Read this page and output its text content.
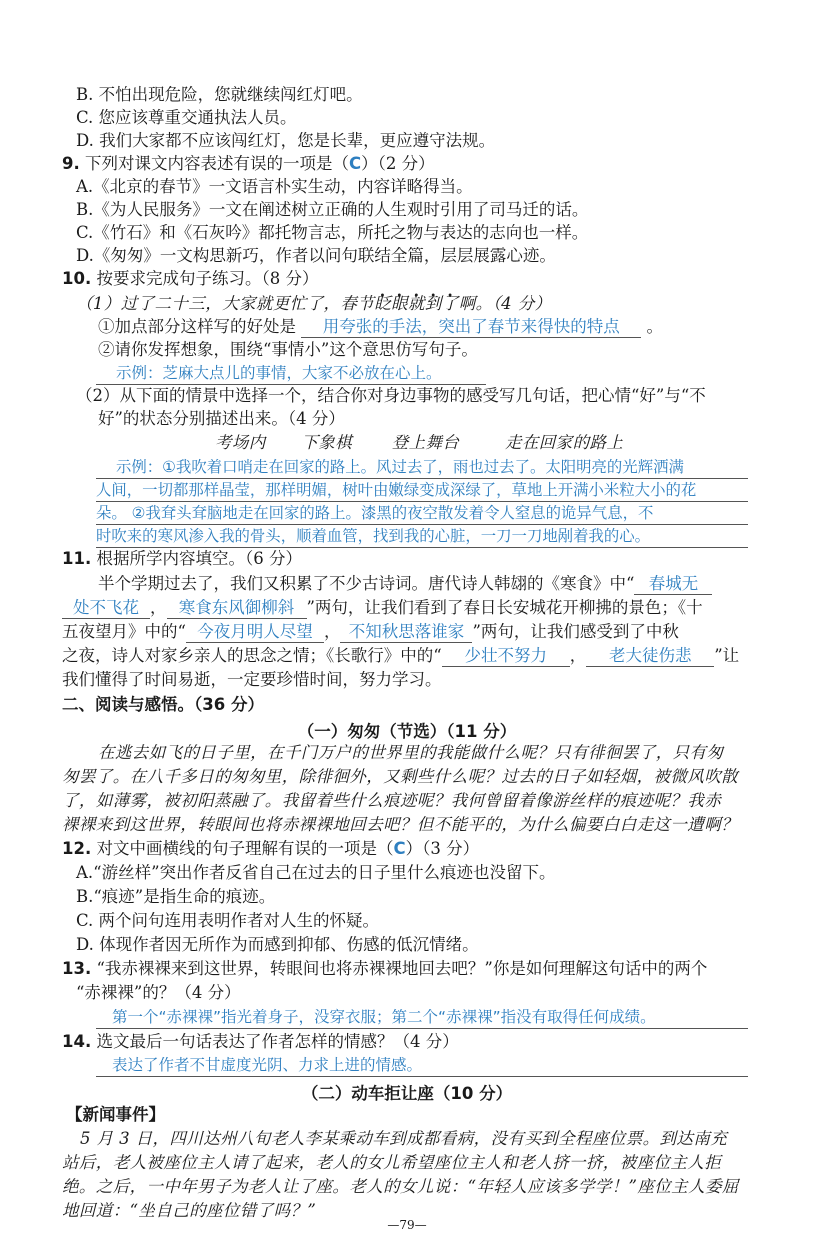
B. 不怕出现危险，您就继续闯红灯吧。
C. 您应该尊重交通执法人员。
D. 我们大家都不应该闯红灯，您是长辈，更应遵守法规。
9. 下列对课文内容表述有误的一项是（C）（2 分）
A.《北京的春节》一文语言朴实生动，内容详略得当。
B.《为人民服务》一文在阐述树立正确的人生观时引用了司马迁的话。
C.《竹石》和《石灰吟》都托物言志，所托之物与表达的志向也一样。
D.《匆匆》一文构思新巧，作者以问句联结全篇，层层展露心迹。
10. 按要求完成句子练习。（8 分）
（1）过了二十三，大家就更忙了，春节眨眼就到了啊。（4 分）
①加点部分这样写的好处是 用夸张的手法，突出了春节来得快的特点 。
②请你发挥想象，围绕“事情小”这个意思仿写句子。
示例：芝麻大点儿的事情，大家不必放在心上。
（2）从下面的情景中选择一个，结合你对身边事物的感受写几句话，把心情“好”与“不
好”的状态分别描述出来。（4 分）
考场内 下象棋 登上舞台	走在回家的路上
示例：①我吹着口哨走在回家的路上。风过去了，雨也过去了。太阳明亮的光辉洒满
人间，一切都那样晶莹，那样明媚，树叶由嫩绿变成深绿了，草地上开满小米粒大小的花
朵。 ②我耷头耷脑地走在回家的路上。漆黑的夜空散发着令人窒息的诡异气息，不
时吹来的寒风渗入我的骨头，顺着血管，找到我的心脏，一刀一刀地剐着我的心。
11. 根据所学内容填空。（6 分）
半个学期过去了，我们又积累了不少古诗词。唐代诗人韩翃的《寒食》中“ 春城无
处不飞花 ， 寒食东风御柳斜 ”两句，让我们看到了春日长安城花开柳拂的景色；《十
五夜望月》中的“ 今夜月明人尽望 ， 不知秋思落谁家 ”两句，让我们感受到了中秋
之夜，诗人对家乡亲人的思念之情；《长歌行》中的“ 少壮不努力 ， 老大徒伤悲 ”让
我们懂得了时间易逝，一定要珍惜时间，努力学习。
二、阅读与感悟。（36 分）
（一）匆匆（节选）（11 分）
在逃去如飞的日子里，在千门万户的世界里的我能做什么呢？只有徘徊罢了，只有匆
匆罢了。在八千多日的匆匆里，除徘徊外，又剩些什么呢？过去的日子如轻烟，被微风吹散
了，如薄雾，被初阳蒸融了。我留着些什么痕迹呢？我何曾留着像游丝样的痕迹呢？我赤
裸裸来到这世界，转眼间也将赤裸裸地回去吧？但不能平的，为什么偏要白白走这一遭啊？
12. 对文中画横线的句子理解有误的一项是（C）（3 分）
A.“游丝样”突出作者反省自己在过去的日子里什么痕迹也没留下。
B.“痕迹”是指生命的痕迹。
C. 两个问句连用表明作者对人生的怀疑。
D. 体现作者因无所作为而感到抑郁、伤感的低沉情绪。
13. “我赤裸裸来到这世界，转眼间也将赤裸裸地回去吧？”你是如何理解这句话中的两个
“赤裸裸”的？（4 分）
第一个“赤裸裸”指光着身子，没穿衣服；第二个“赤裸裸”指没有取得任何成绩。
14. 选文最后一句话表达了作者怎样的情感？（4 分）
表达了作者不甘虚度光阴、力求上进的情感。
（二）动车拒让座（10 分）
【新闻事件】
5 月 3 日，四川达州八旬老人李某乘动车到成都看病，没有买到全程座位票。到达南充
站后，老人被座位主人请了起来，老人的女儿希望座位主人和老人挤一挤，被座位主人拒
绝。之后，一中年男子为老人让了座。老人的女儿说：“年轻人应该多学学！”座位主人委屈
地回道：“坐自己的座位错了吗？”
—79—
